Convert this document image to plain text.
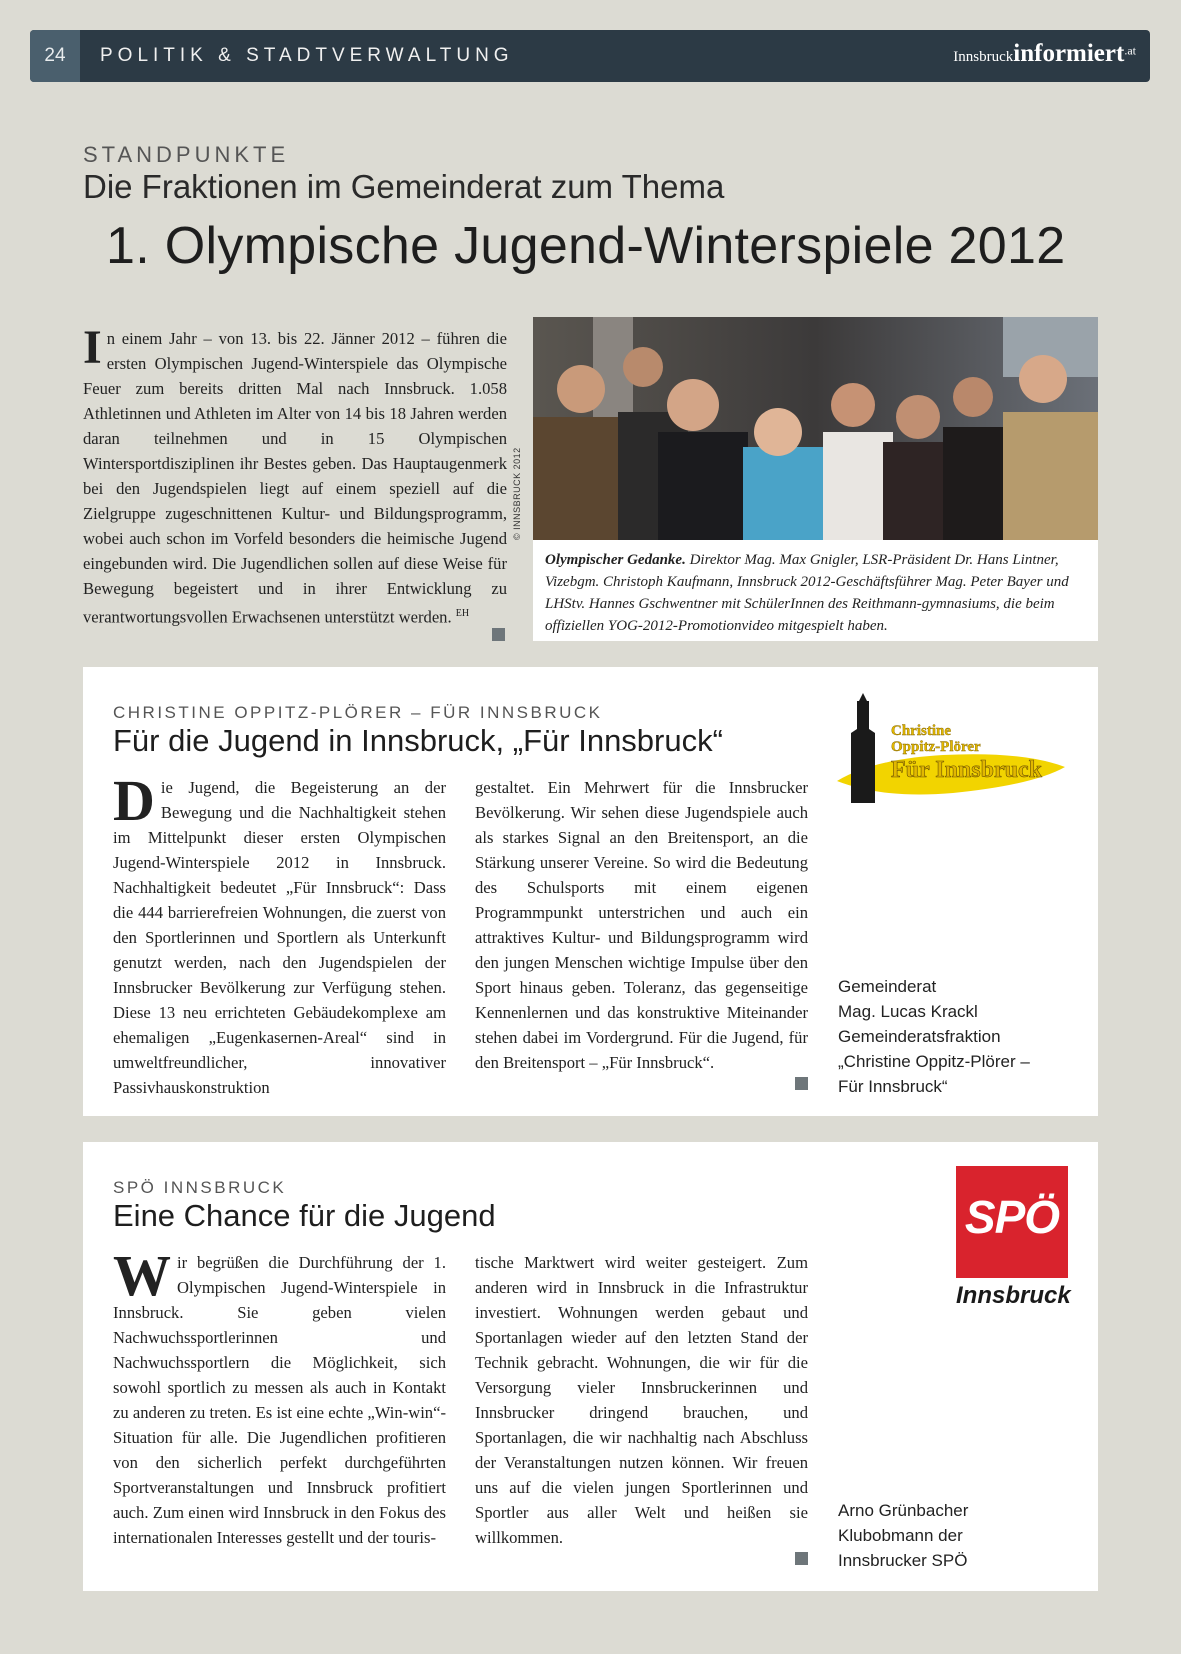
24	POLITIK & STADTVERWALTUNG	Innsbruckinformiert$^{.at}$
STANDPUNKTE
Die Fraktionen im Gemeinderat zum Thema
1. Olympische Jugend-Winterspiele 2012
In einem Jahr – von 13. bis 22. Jänner 2012 – führen die ersten Olympischen Jugend-Winterspiele das Olympische Feuer zum bereits dritten Mal nach Innsbruck. 1.058 Athletinnen und Athleten im Alter von 14 bis 18 Jahren werden daran teilnehmen und in 15 Olympischen Wintersportdisziplinen ihr Bestes geben. Das Hauptaugenmerk bei den Jugendspielen liegt auf einem speziell auf die Zielgruppe zugeschnittenen Kultur- und Bildungsprogramm, wobei auch schon im Vorfeld besonders die heimische Jugend eingebunden wird. Die Jugendlichen sollen auf diese Weise für Bewegung begeistert und in ihrer Entwicklung zu verantwortungsvollen Erwachsenen unterstützt werden. $^{EH}$
© INNSBRUCK 2012
Olympischer Gedanke. Direktor Mag. Max Gnigler, LSR-Präsident Dr. Hans Lintner, Vizebgm. Christoph Kaufmann, Innsbruck 2012-Geschäftsführer Mag. Peter Bayer und LHStv. Hannes Gschwentner mit SchülerInnen des Reithmann-gymnasiums, die beim offiziellen YOG-2012-Promotionvideo mitgespielt haben.
CHRISTINE OPPITZ-PLÖRER – FÜR INNSBRUCK
Für die Jugend in Innsbruck, „Für Innsbruck“
Die Jugend, die Begeisterung an der Bewegung und die Nachhaltigkeit stehen im Mittelpunkt dieser ersten Olympischen Jugend-Winterspiele 2012 in Innsbruck. Nachhaltigkeit bedeutet „Für Innsbruck“: Dass die 444 barrierefreien Wohnungen, die zuerst von den Sportlerinnen und Sportlern als Unterkunft genutzt werden, nach den Jugendspielen der Innsbrucker Bevölkerung zur Verfügung stehen. Diese 13 neu errichteten Gebäudekomplexe am ehemaligen „Eugenkasernen-Areal“ sind in umweltfreundlicher, innovativer Passivhauskonstruktion
gestaltet. Ein Mehrwert für die Innsbrucker Bevölkerung. Wir sehen diese Jugendspiele auch als starkes Signal an den Breitensport, an die Stärkung unserer Vereine. So wird die Bedeutung des Schulsports mit einem eigenen Programmpunkt unterstrichen und auch ein attraktives Kultur- und Bildungsprogramm wird den jungen Menschen wichtige Impulse über den Sport hinaus geben. Toleranz, das gegenseitige Kennenlernen und das konstruktive Miteinander stehen dabei im Vordergrund. Für die Jugend, für den Breitensport – „Für Innsbruck“.
Christine
Oppitz-Plörer
Für Innsbruck
Gemeinderat
Mag. Lucas Krackl
Gemeinderatsfraktion
„Christine Oppitz-Plörer –
Für Innsbruck“
SPÖ INNSBRUCK
Eine Chance für die Jugend
Wir begrüßen die Durchführung der 1. Olympischen Jugend-Winterspiele in Innsbruck. Sie geben vielen Nachwuchssportlerinnen und Nachwuchssportlern die Möglichkeit, sich sowohl sportlich zu messen als auch in Kontakt zu anderen zu treten. Es ist eine echte „Win-win“-Situation für alle. Die Jugendlichen profitieren von den sicherlich perfekt durchgeführten Sportveranstaltungen und Innsbruck profitiert auch. Zum einen wird Innsbruck in den Fokus des internationalen Interesses gestellt und der touris-
tische Marktwert wird weiter gesteigert. Zum anderen wird in Innsbruck in die Infrastruktur investiert. Wohnungen werden gebaut und Sportanlagen wieder auf den letzten Stand der Technik gebracht. Wohnungen, die wir für die Versorgung vieler Innsbruckerinnen und Innsbrucker dringend brauchen, und Sportanlagen, die wir nachhaltig nach Abschluss der Veranstaltungen nutzen können. Wir freuen uns auf die vielen jungen Sportlerinnen und Sportler aus aller Welt und heißen sie willkommen.
SPÖ
Innsbruck
Arno Grünbacher
Klubobmann der
Innsbrucker SPÖ
